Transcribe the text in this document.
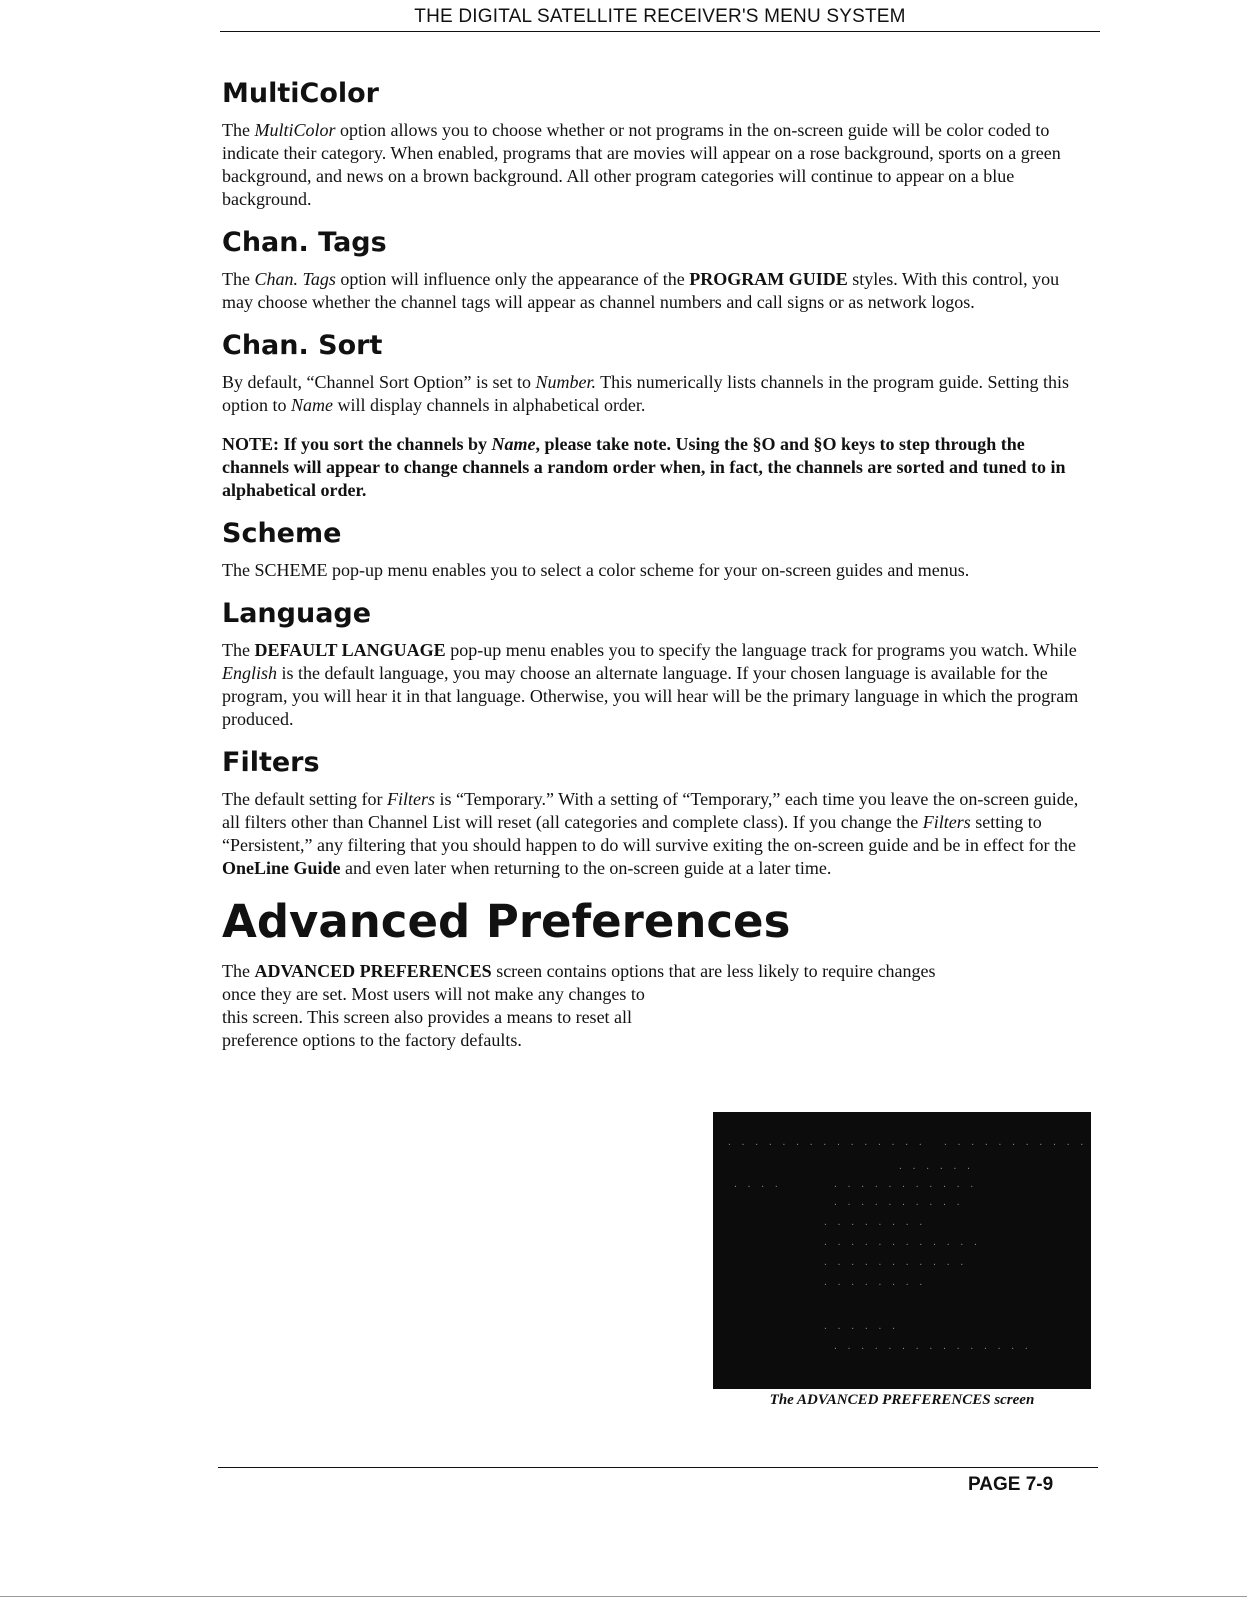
THE DIGITAL SATELLITE RECEIVER'S MENU SYSTEM
MultiColor

The MultiColor option allows you to choose whether or not programs in the on-screen guide will be color coded to indicate their category. When enabled, programs that are movies will appear on a rose background, sports on a green background, and news on a brown background. All other program categories will continue to appear on a blue background.

Chan. Tags

The Chan. Tags option will influence only the appearance of the PROGRAM GUIDE styles. With this control, you may choose whether the channel tags will appear as channel numbers and call signs or as network logos.

Chan. Sort

By default, “Channel Sort Option” is set to Number. This numerically lists channels in the program guide. Setting this option to Name will display channels in alphabetical order.

NOTE: If you sort the channels by Name, please take note. Using the §O and §O keys to step through the channels will appear to change channels a random order when, in fact, the channels are sorted and tuned to in alphabetical order.

Scheme

The SCHEME pop-up menu enables you to select a color scheme for your on-screen guides and menus.

Language

The DEFAULT LANGUAGE pop-up menu enables you to specify the language track for programs you watch. While English is the default language, you may choose an alternate language. If your chosen language is available for the program, you will hear it in that language. Otherwise, you will hear will be the primary language in which the program produced.

Filters

The default setting for Filters is “Temporary.” With a setting of “Temporary,” each time you leave the on-screen guide, all filters other than Channel List will reset (all categories and complete class). If you change the Filters setting to “Persistent,” any filtering that you should happen to do will survive exiting the on-screen guide and be in effect for the OneLine Guide and even later when returning to the on-screen guide at a later time.

Advanced Preferences

The ADVANCED PREFERENCES screen contains options that are less likely to require changes

once they are set. Most users will not make any changes to this screen. This screen also provides a means to reset all preference options to the factory defaults.
· · · · · · · · · · · · · · · · · · · · · · · · · ·
· · · · · ·
· · · ·	· · · · · · · · · · ·
· · · · · · · · · ·
· · · · · · · ·
· · · · · · · · · · · ·
· · · · · · · · · · ·
· · · · · · · ·
· · · · · ·
· · · · · · · · · · · · · · ·
The ADVANCED PREFERENCES screen
PAGE 7-9
